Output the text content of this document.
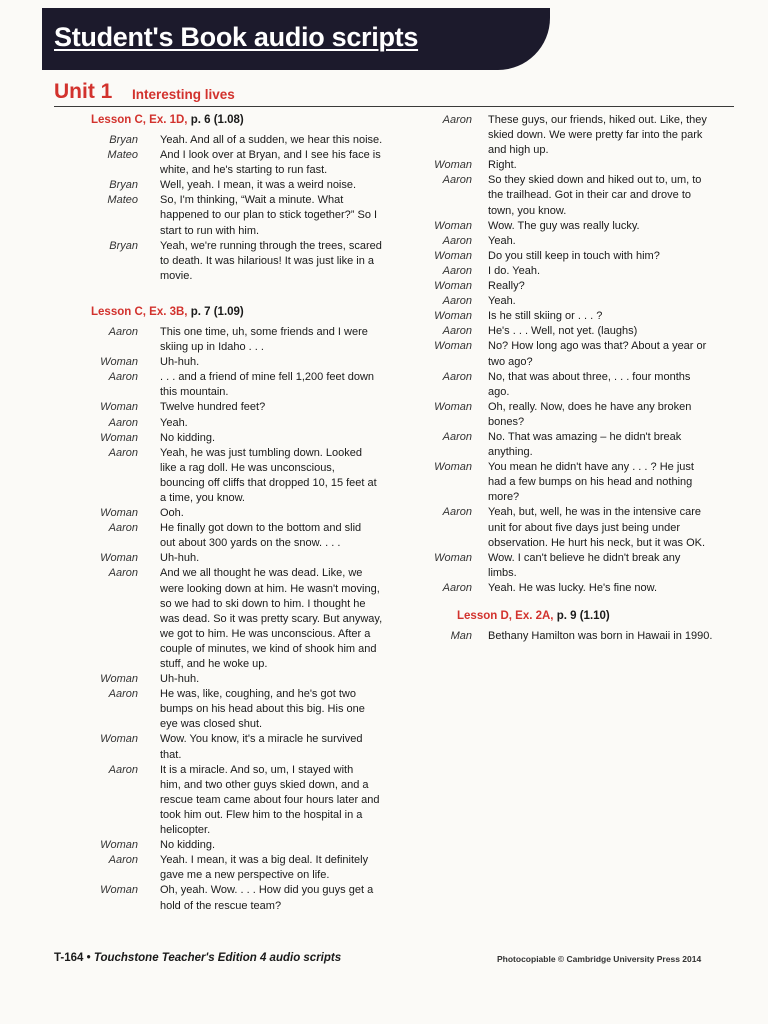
Student's Book audio scripts
Unit 1 Interesting lives
Lesson C, Ex. 1D, p. 6 (1.08)
Bryan Yeah. And all of a sudden, we hear this noise.
Mateo And I look over at Bryan, and I see his face is
white, and he's starting to run fast.
Bryan Well, yeah. I mean, it was a weird noise.
Mateo So, I'm thinking, “Wait a minute. What
happened to our plan to stick together?” So I
start to run with him.
Bryan Yeah, we're running through the trees, scared
to death. It was hilarious! It was just like in a
movie.
Lesson C, Ex. 3B, p. 7 (1.09)
Aaron This one time, uh, some friends and I were
skiing up in Idaho . . .
Woman Uh-huh.
Aaron . . . and a friend of mine fell 1,200 feet down
this mountain.
Woman Twelve hundred feet?
Aaron Yeah.
Woman No kidding.
Aaron Yeah, he was just tumbling down. Looked
like a rag doll. He was unconscious,
bouncing off cliffs that dropped 10, 15 feet at
a time, you know.
Woman Ooh.
Aaron He finally got down to the bottom and slid
out about 300 yards on the snow. . . .
Woman Uh-huh.
Aaron And we all thought he was dead. Like, we
were looking down at him. He wasn't moving,
so we had to ski down to him. I thought he
was dead. So it was pretty scary. But anyway,
we got to him. He was unconscious. After a
couple of minutes, we kind of shook him and
stuff, and he woke up.
Woman Uh-huh.
Aaron He was, like, coughing, and he's got two
bumps on his head about this big. His one
eye was closed shut.
Woman Wow. You know, it's a miracle he survived
that.
Aaron It is a miracle. And so, um, I stayed with
him, and two other guys skied down, and a
rescue team came about four hours later and
took him out. Flew him to the hospital in a
helicopter.
Woman No kidding.
Aaron Yeah. I mean, it was a big deal. It definitely
gave me a new perspective on life.
Woman Oh, yeah. Wow. . . . How did you guys get a
hold of the rescue team?
Aaron These guys, our friends, hiked out. Like, they
skied down. We were pretty far into the park
and high up.
Woman Right.
Aaron So they skied down and hiked out to, um, to
the trailhead. Got in their car and drove to
town, you know.
Woman Wow. The guy was really lucky.
Aaron Yeah.
Woman Do you still keep in touch with him?
Aaron I do. Yeah.
Woman Really?
Aaron Yeah.
Woman Is he still skiing or . . . ?
Aaron He's . . . Well, not yet. (laughs)
Woman No? How long ago was that? About a year or
two ago?
Aaron No, that was about three, . . . four months
ago.
Woman Oh, really. Now, does he have any broken
bones?
Aaron No. That was amazing – he didn't break
anything.
Woman You mean he didn't have any . . . ? He just
had a few bumps on his head and nothing
more?
Aaron Yeah, but, well, he was in the intensive care
unit for about five days just being under
observation. He hurt his neck, but it was OK.
Woman Wow. I can't believe he didn't break any
limbs.
Aaron Yeah. He was lucky. He's fine now.
Lesson D, Ex. 2A, p. 9 (1.10)
Man Bethany Hamilton was born in Hawaii in 1990.
T-164 • Touchstone Teacher's Edition 4 audio scripts	Photocopiable © Cambridge University Press 2014
